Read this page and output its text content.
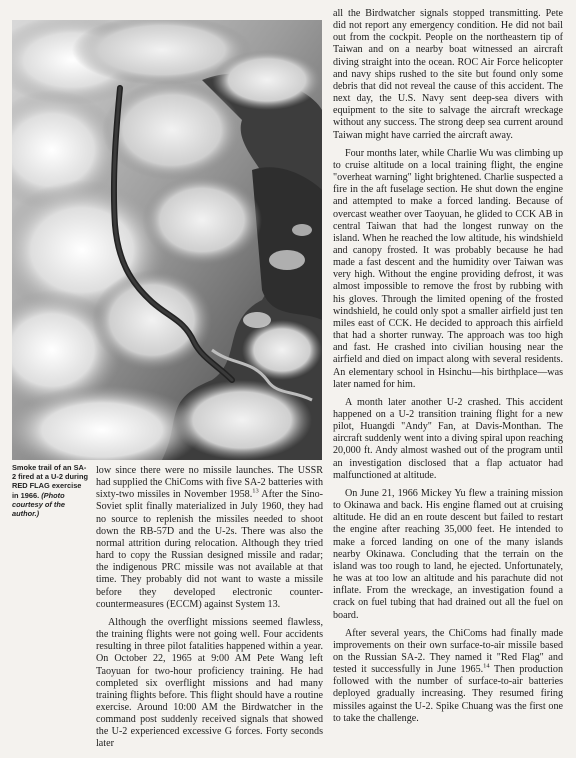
Smoke trail of an SA-2 fired at a U-2 during RED FLAG exercise in 1966. (Photo courtesy of the author.)

low since there were no missile launches. The USSR had supplied the ChiComs with five SA-2 batteries with sixty-two missiles in November 1958.13 After the Sino-Soviet split finally materialized in July 1960, they had no source to replenish the missiles needed to shoot down the RB-57D and the U-2s. There was also the normal attrition during relocation. Although they tried hard to copy the Russian designed missile and radar; the indigenous PRC missile was not available at that time. They probably did not want to waste a missile before they developed electronic counter-countermeasures (ECCM) against System 13.

Although the overflight missions seemed flawless, the training flights were not going well. Four accidents resulting in three pilot fatalities happened within a year. On October 22, 1965 at 9:00 AM Pete Wang left Taoyuan for two-hour proficiency training. He had completed six overflight missions and had many training flights before. This flight should have a routine exercise. Around 10:00 AM the Birdwatcher in the command post suddenly received signals that showed the U-2 experienced excessive G forces. Forty seconds later

all the Birdwatcher signals stopped transmitting. Pete did not report any emergency condition. He did not bail out from the cockpit. People on the northeastern tip of Taiwan and on a nearby boat witnessed an aircraft diving straight into the ocean. ROC Air Force helicopter and navy ships rushed to the site but found only some debris that did not reveal the cause of this accident. The next day, the U.S. Navy sent deep-sea divers with equipment to the site to salvage the aircraft wreckage without any success. The strong deep sea current around Taiwan might have carried the aircraft away.

Four months later, while Charlie Wu was climbing up to cruise altitude on a local training flight, the engine "overheat warning" light brightened. Charlie suspected a fire in the aft fuselage section. He shut down the engine and attempted to make a forced landing. Because of overcast weather over Taoyuan, he glided to CCK AB in central Taiwan that had the longest runway on the island. When he reached the low altitude, his windshield and canopy frosted. It was probably because he had made a fast descent and the humidity over Taiwan was very high. Without the engine providing defrost, it was almost impossible to remove the frost by rubbing with his gloves. Through the limited opening of the frosted windshield, he could only spot a smaller airfield just ten miles east of CCK. He decided to approach this airfield that had a shorter runway. The approach was too high and fast. He crashed into civilian housing near the airfield and died on impact along with several residents. An elementary school in Hsinchu—his birthplace—was later named for him.

A month later another U-2 crashed. This accident happened on a U-2 transition training flight for a new pilot, Huangdi "Andy" Fan, at Davis-Monthan. The aircraft suddenly went into a diving spiral upon reaching 20,000 ft. Andy almost washed out of the program until an investigation disclosed that a flap actuator had malfunctioned at altitude.

On June 21, 1966 Mickey Yu flew a training mission to Okinawa and back. His engine flamed out at cruising altitude. He did an en route descent but failed to restart the engine after reaching 35,000 feet. He intended to make a forced landing on one of the many islands nearby Okinawa. Concluding that the terrain on the island was too rough to land, he ejected. Unfortunately, he was at too low an altitude and his parachute did not inflate. From the wreckage, an investigation found a crack on fuel tubing that had drained out all the fuel on board.

After several years, the ChiComs had finally made improvements on their own surface-to-air missile based on the Russian SA-2. They named it "Red Flag" and tested it successfully in June 1965.14 Then production followed with the number of surface-to-air batteries deployed gradually increasing. They resumed firing missiles against the U-2. Spike Chuang was the first one to take the challenge.
